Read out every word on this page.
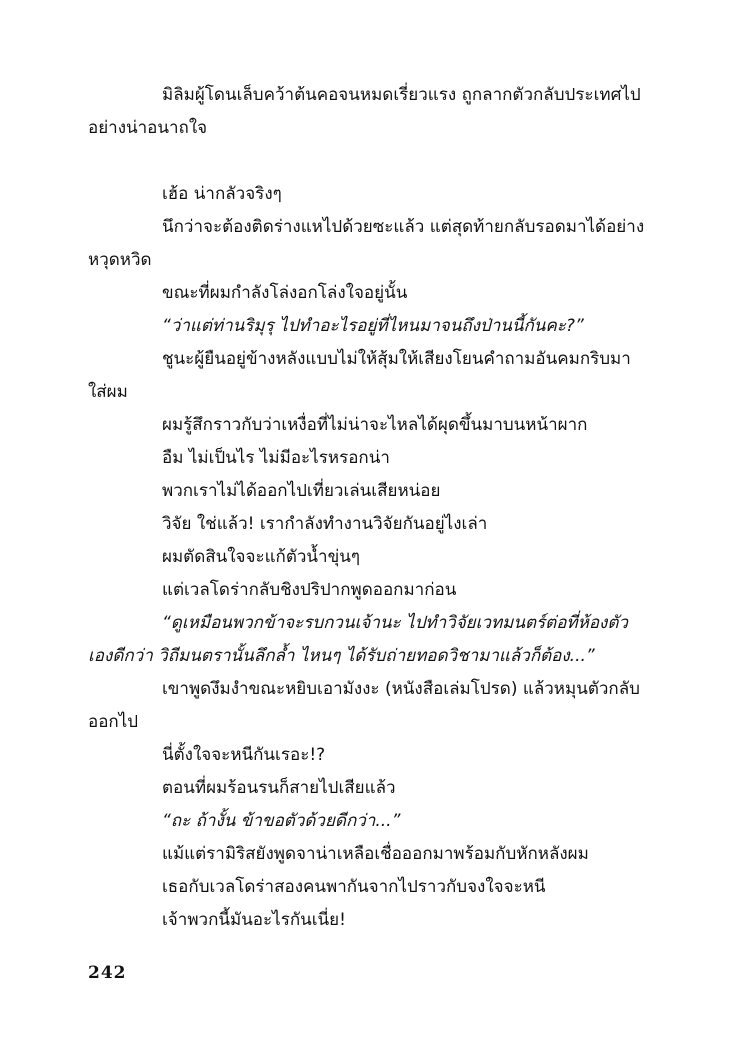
มิลิมผู้โดนเล็บคว้าต้นคอจนหมดเรี่ยวแรง ถูกลากตัวกลับประเทศไปอย่างน่าอนาถใจ

เฮ้อ น่ากลัวจริงๆ

นึกว่าจะต้องติดร่างแหไปด้วยซะแล้ว แต่สุดท้ายกลับรอดมาได้อย่างหวุดหวิด

ขณะที่ผมกำลังโล่งอกโล่งใจอยู่นั้น

“ว่าแต่ท่านริมุรุ ไปทำอะไรอยู่ที่ไหนมาจนถึงป่านนี้กันคะ?”

ชูนะผู้ยืนอยู่ข้างหลังแบบไม่ให้สุ้มให้เสียงโยนคำถามอันคมกริบมาใส่ผม

ผมรู้สึกราวกับว่าเหงื่อที่ไม่น่าจะไหลได้ผุดขึ้นมาบนหน้าผาก

อืม ไม่เป็นไร ไม่มีอะไรหรอกน่า

พวกเราไม่ได้ออกไปเที่ยวเล่นเสียหน่อย

วิจัย ใช่แล้ว! เรากำลังทำงานวิจัยกันอยู่ไงเล่า

ผมตัดสินใจจะแก้ตัวน้ำขุ่นๆ

แต่เวลโดร่ากลับชิงปริปากพูดออกมาก่อน

“ดูเหมือนพวกข้าจะรบกวนเจ้านะ ไปทำวิจัยเวทมนตร์ต่อที่ห้องตัวเองดีกว่า วิถีมนตรานั้นลึกล้ำ ไหนๆ ได้รับถ่ายทอดวิชามาแล้วก็ต้อง...”

เขาพูดงึมงำขณะหยิบเอามังงะ (หนังสือเล่มโปรด) แล้วหมุนตัวกลับออกไป

นี่ตั้งใจจะหนีกันเรอะ!?

ตอนที่ผมร้อนรนก็สายไปเสียแล้ว

“ถะ ถ้างั้น ข้าขอตัวด้วยดีกว่า...”

แม้แต่รามิริสยังพูดจาน่าเหลือเชื่อออกมาพร้อมกับหักหลังผม

เธอกับเวลโดร่าสองคนพากันจากไปราวกับจงใจจะหนี

เจ้าพวกนี้มันอะไรกันเนี่ย!

242
